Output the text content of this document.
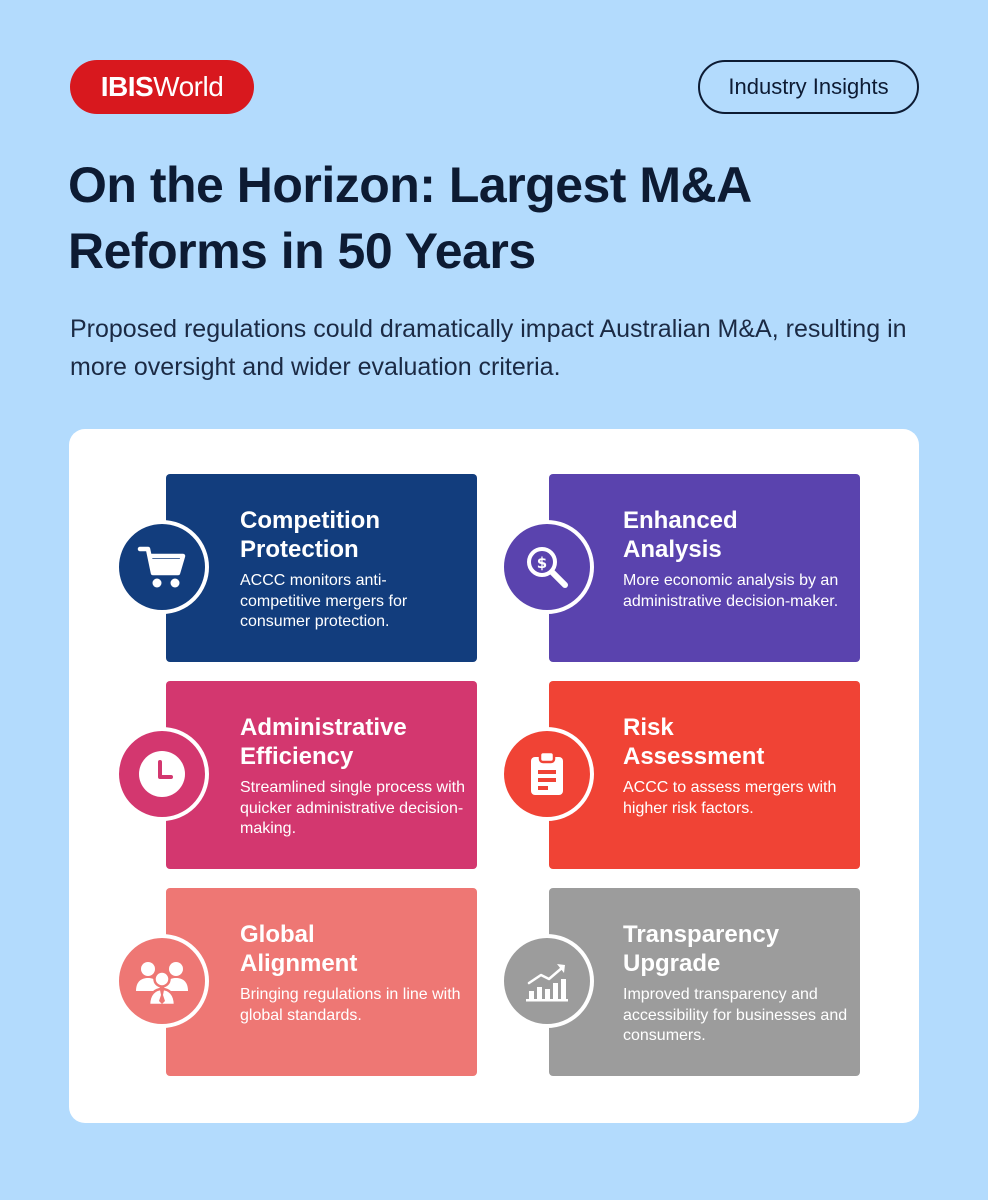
IBIS World	Industry Insights
On the Horizon: Largest M&A Reforms in 50 Years

Proposed regulations could dramatically impact Australian M&A, resulting in more oversight and wider evaluation criteria.

Competition
Protection
ACCC monitors anti-competitive mergers for consumer protection.
Enhanced
Analysis
More economic analysis by an administrative decision-maker.
$
Administrative
Efficiency
Streamlined single process with quicker administrative decision-making.
Risk
Assessment
ACCC to assess mergers with higher risk factors.
Global
Alignment
Bringing regulations in line with global standards.
Transparency
Upgrade
Improved transparency and accessibility for businesses and consumers.
